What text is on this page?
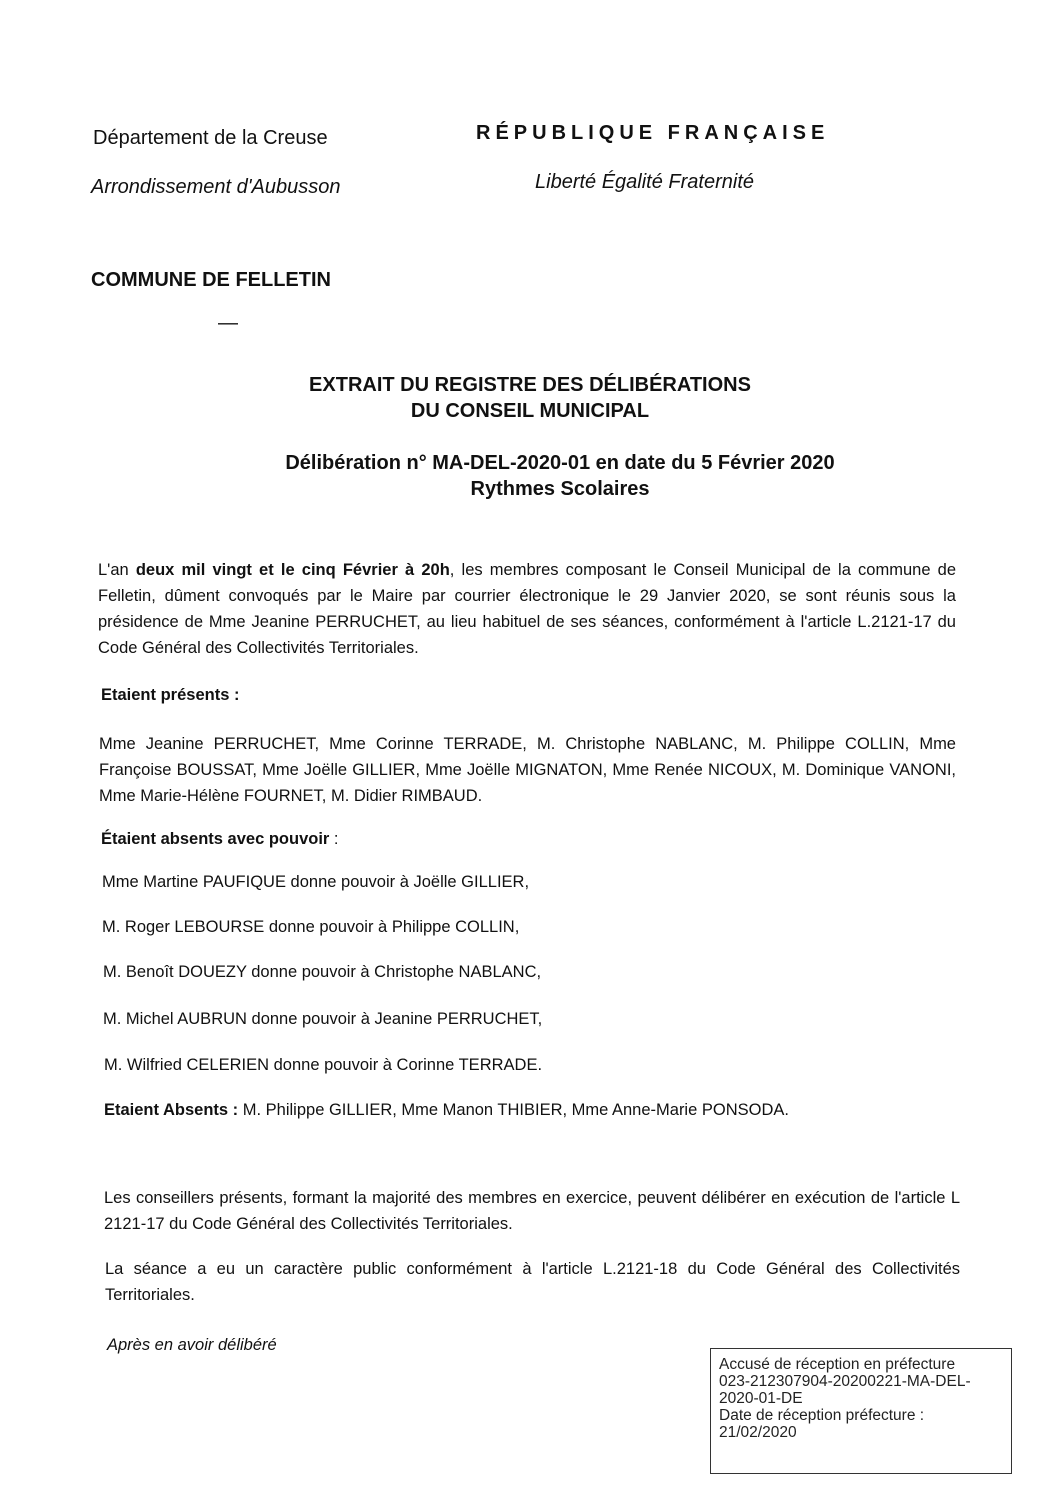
Département de la Creuse
Arrondissement d'Aubusson
RÉPUBLIQUE FRANÇAISE
Liberté Égalité Fraternité
COMMUNE DE FELLETIN
—
EXTRAIT DU REGISTRE DES DÉLIBÉRATIONS
DU CONSEIL MUNICIPAL
Délibération n° MA-DEL-2020-01 en date du 5 Février 2020
Rythmes Scolaires
L'an deux mil vingt et le cinq Février à 20h, les membres composant le Conseil Municipal de la commune de Felletin, dûment convoqués par le Maire par courrier électronique le 29 Janvier 2020, se sont réunis sous la présidence de Mme Jeanine PERRUCHET, au lieu habituel de ses séances, conformément à l'article L.2121-17 du Code Général des Collectivités Territoriales.
Etaient présents :
Mme Jeanine PERRUCHET, Mme Corinne TERRADE, M. Christophe NABLANC, M. Philippe COLLIN, Mme Françoise BOUSSAT, Mme Joëlle GILLIER, Mme Joëlle MIGNATON, Mme Renée NICOUX, M. Dominique VANONI, Mme Marie-Hélène FOURNET, M. Didier RIMBAUD.
Étaient absents avec pouvoir :
Mme Martine PAUFIQUE donne pouvoir à Joëlle GILLIER,
M. Roger LEBOURSE donne pouvoir à Philippe COLLIN,
M. Benoît DOUEZY donne pouvoir à Christophe NABLANC,
M. Michel AUBRUN donne pouvoir à Jeanine PERRUCHET,
M. Wilfried CELERIEN donne pouvoir à Corinne TERRADE.
Etaient Absents : M. Philippe GILLIER, Mme Manon THIBIER, Mme Anne-Marie PONSODA.
Les conseillers présents, formant la majorité des membres en exercice, peuvent délibérer en exécution de l'article L 2121-17 du Code Général des Collectivités Territoriales.
La séance a eu un caractère public conformément à l'article L.2121-18 du Code Général des Collectivités Territoriales.
Après en avoir délibéré
Accusé de réception en préfecture
023-212307904-20200221-MA-DEL-
2020-01-DE
Date de réception préfecture :
21/02/2020
